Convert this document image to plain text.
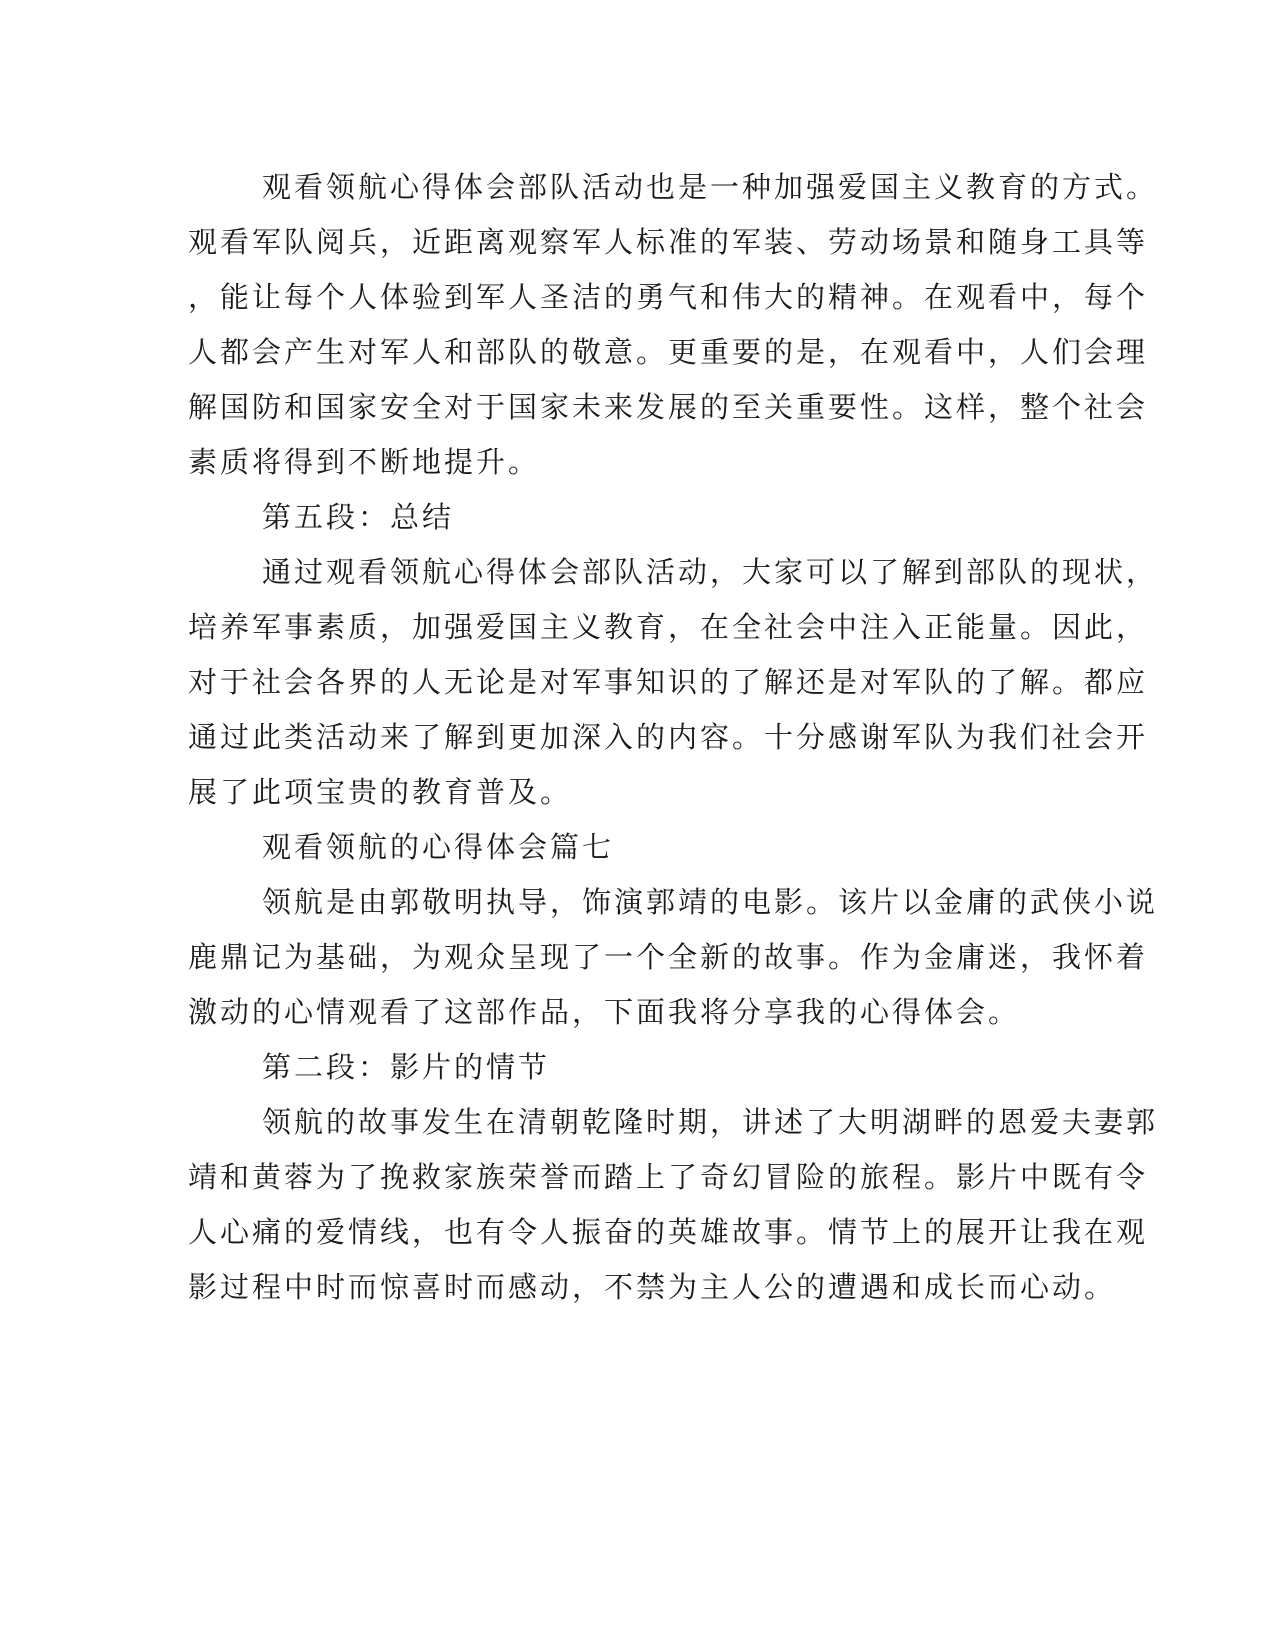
观看领航心得体会部队活动也是一种加强爱国主义教育的方式。
观看军队阅兵，近距离观察军人标准的军装、劳动场景和随身工具等
，能让每个人体验到军人圣洁的勇气和伟大的精神。在观看中，每个
人都会产生对军人和部队的敬意。更重要的是，在观看中，人们会理
解国防和国家安全对于国家未来发展的至关重要性。这样，整个社会
素质将得到不断地提升。
第五段：总结
通过观看领航心得体会部队活动，大家可以了解到部队的现状，
培养军事素质，加强爱国主义教育，在全社会中注入正能量。因此，
对于社会各界的人无论是对军事知识的了解还是对军队的了解。都应
通过此类活动来了解到更加深入的内容。十分感谢军队为我们社会开
展了此项宝贵的教育普及。
观看领航的心得体会篇七
领航是由郭敬明执导，饰演郭靖的电影。该片以金庸的武侠小说
鹿鼎记为基础，为观众呈现了一个全新的故事。作为金庸迷，我怀着
激动的心情观看了这部作品，下面我将分享我的心得体会。
第二段：影片的情节
领航的故事发生在清朝乾隆时期，讲述了大明湖畔的恩爱夫妻郭
靖和黄蓉为了挽救家族荣誉而踏上了奇幻冒险的旅程。影片中既有令
人心痛的爱情线，也有令人振奋的英雄故事。情节上的展开让我在观
影过程中时而惊喜时而感动，不禁为主人公的遭遇和成长而心动。
